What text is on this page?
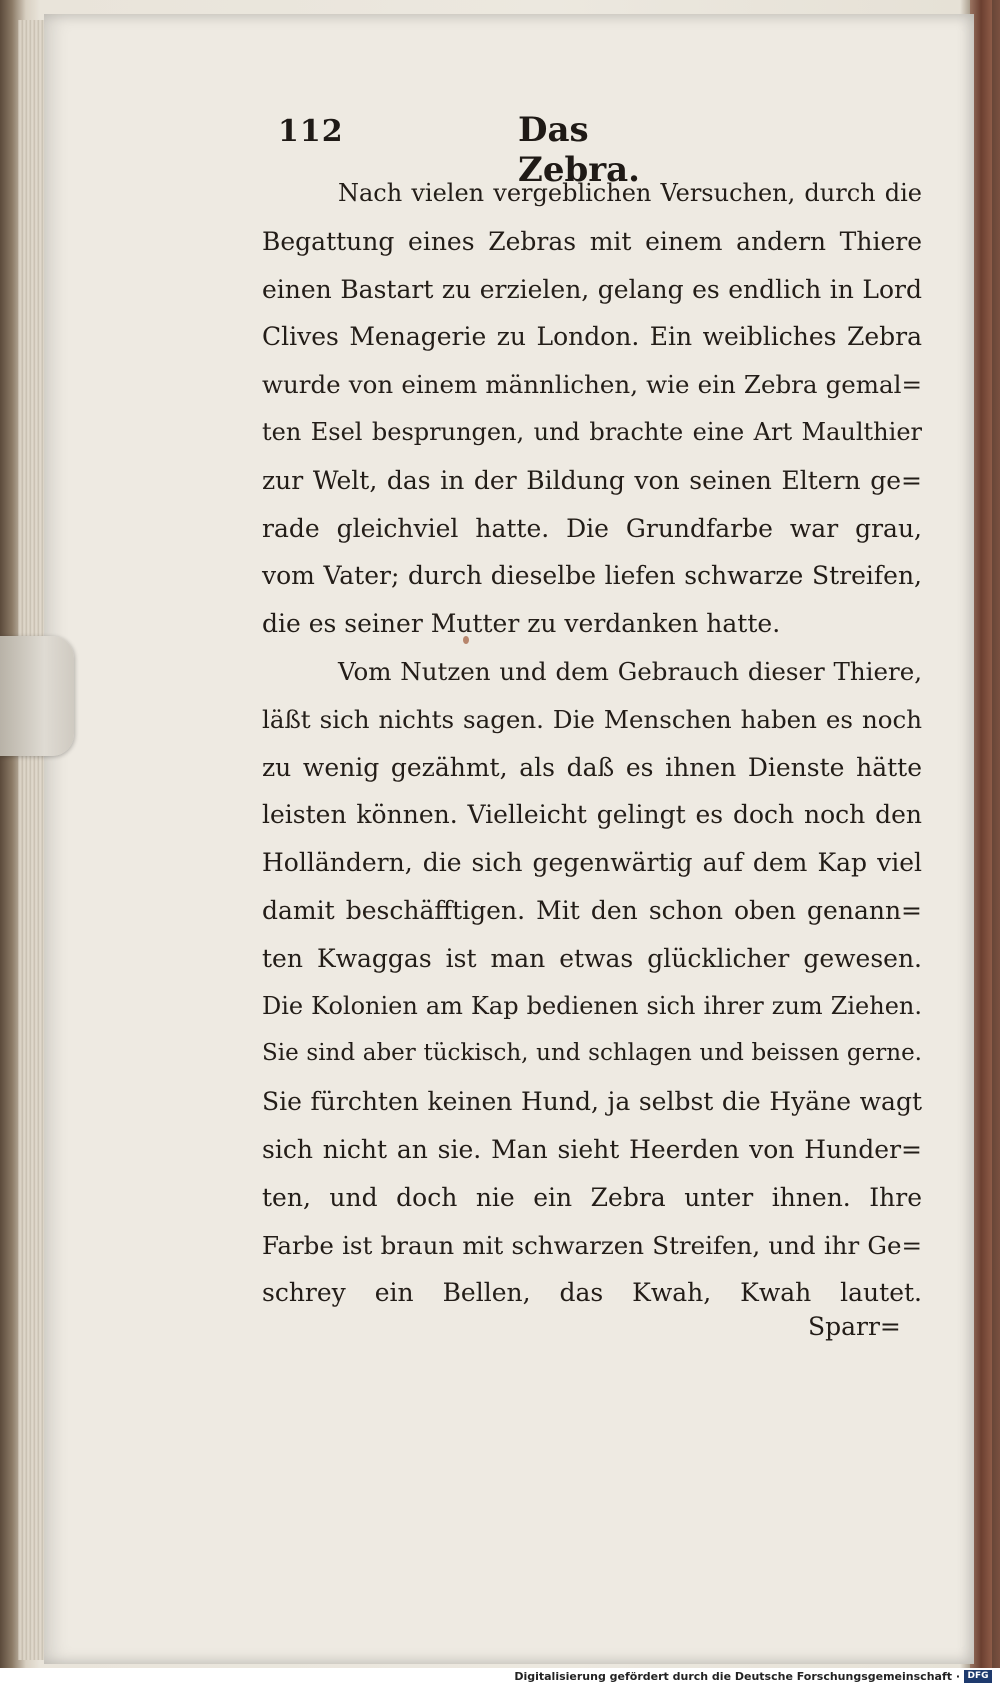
112	Das Zebra.
Nach vielen vergeblichen Versuchen, durch die
Begattung eines Zebras mit einem andern Thiere
einen Bastart zu erzielen, gelang es endlich in Lord
Clives Menagerie zu London. Ein weibliches Zebra
wurde von einem männlichen, wie ein Zebra gemal=
ten Esel besprungen, und brachte eine Art Maulthier
zur Welt, das in der Bildung von seinen Eltern ge=
rade gleichviel hatte. Die Grundfarbe war grau,
vom Vater; durch dieselbe liefen schwarze Streifen,
die es seiner Mutter zu verdanken hatte.
Vom Nutzen und dem Gebrauch dieser Thiere,
läßt sich nichts sagen. Die Menschen haben es noch
zu wenig gezähmt, als daß es ihnen Dienste hätte
leisten können. Vielleicht gelingt es doch noch den
Holländern, die sich gegenwärtig auf dem Kap viel
damit beschäfftigen. Mit den schon oben genann=
ten Kwaggas ist man etwas glücklicher gewesen.
Die Kolonien am Kap bedienen sich ihrer zum Ziehen.
Sie sind aber tückisch, und schlagen und beissen gerne.
Sie fürchten keinen Hund, ja selbst die Hyäne wagt
sich nicht an sie. Man sieht Heerden von Hunder=
ten, und doch nie ein Zebra unter ihnen. Ihre
Farbe ist braun mit schwarzen Streifen, und ihr Ge=
schrey ein Bellen, das Kwah, Kwah lautet.
Sparr=
Digitalisierung gefördert durch die Deutsche Forschungsgemeinschaft · DFG
